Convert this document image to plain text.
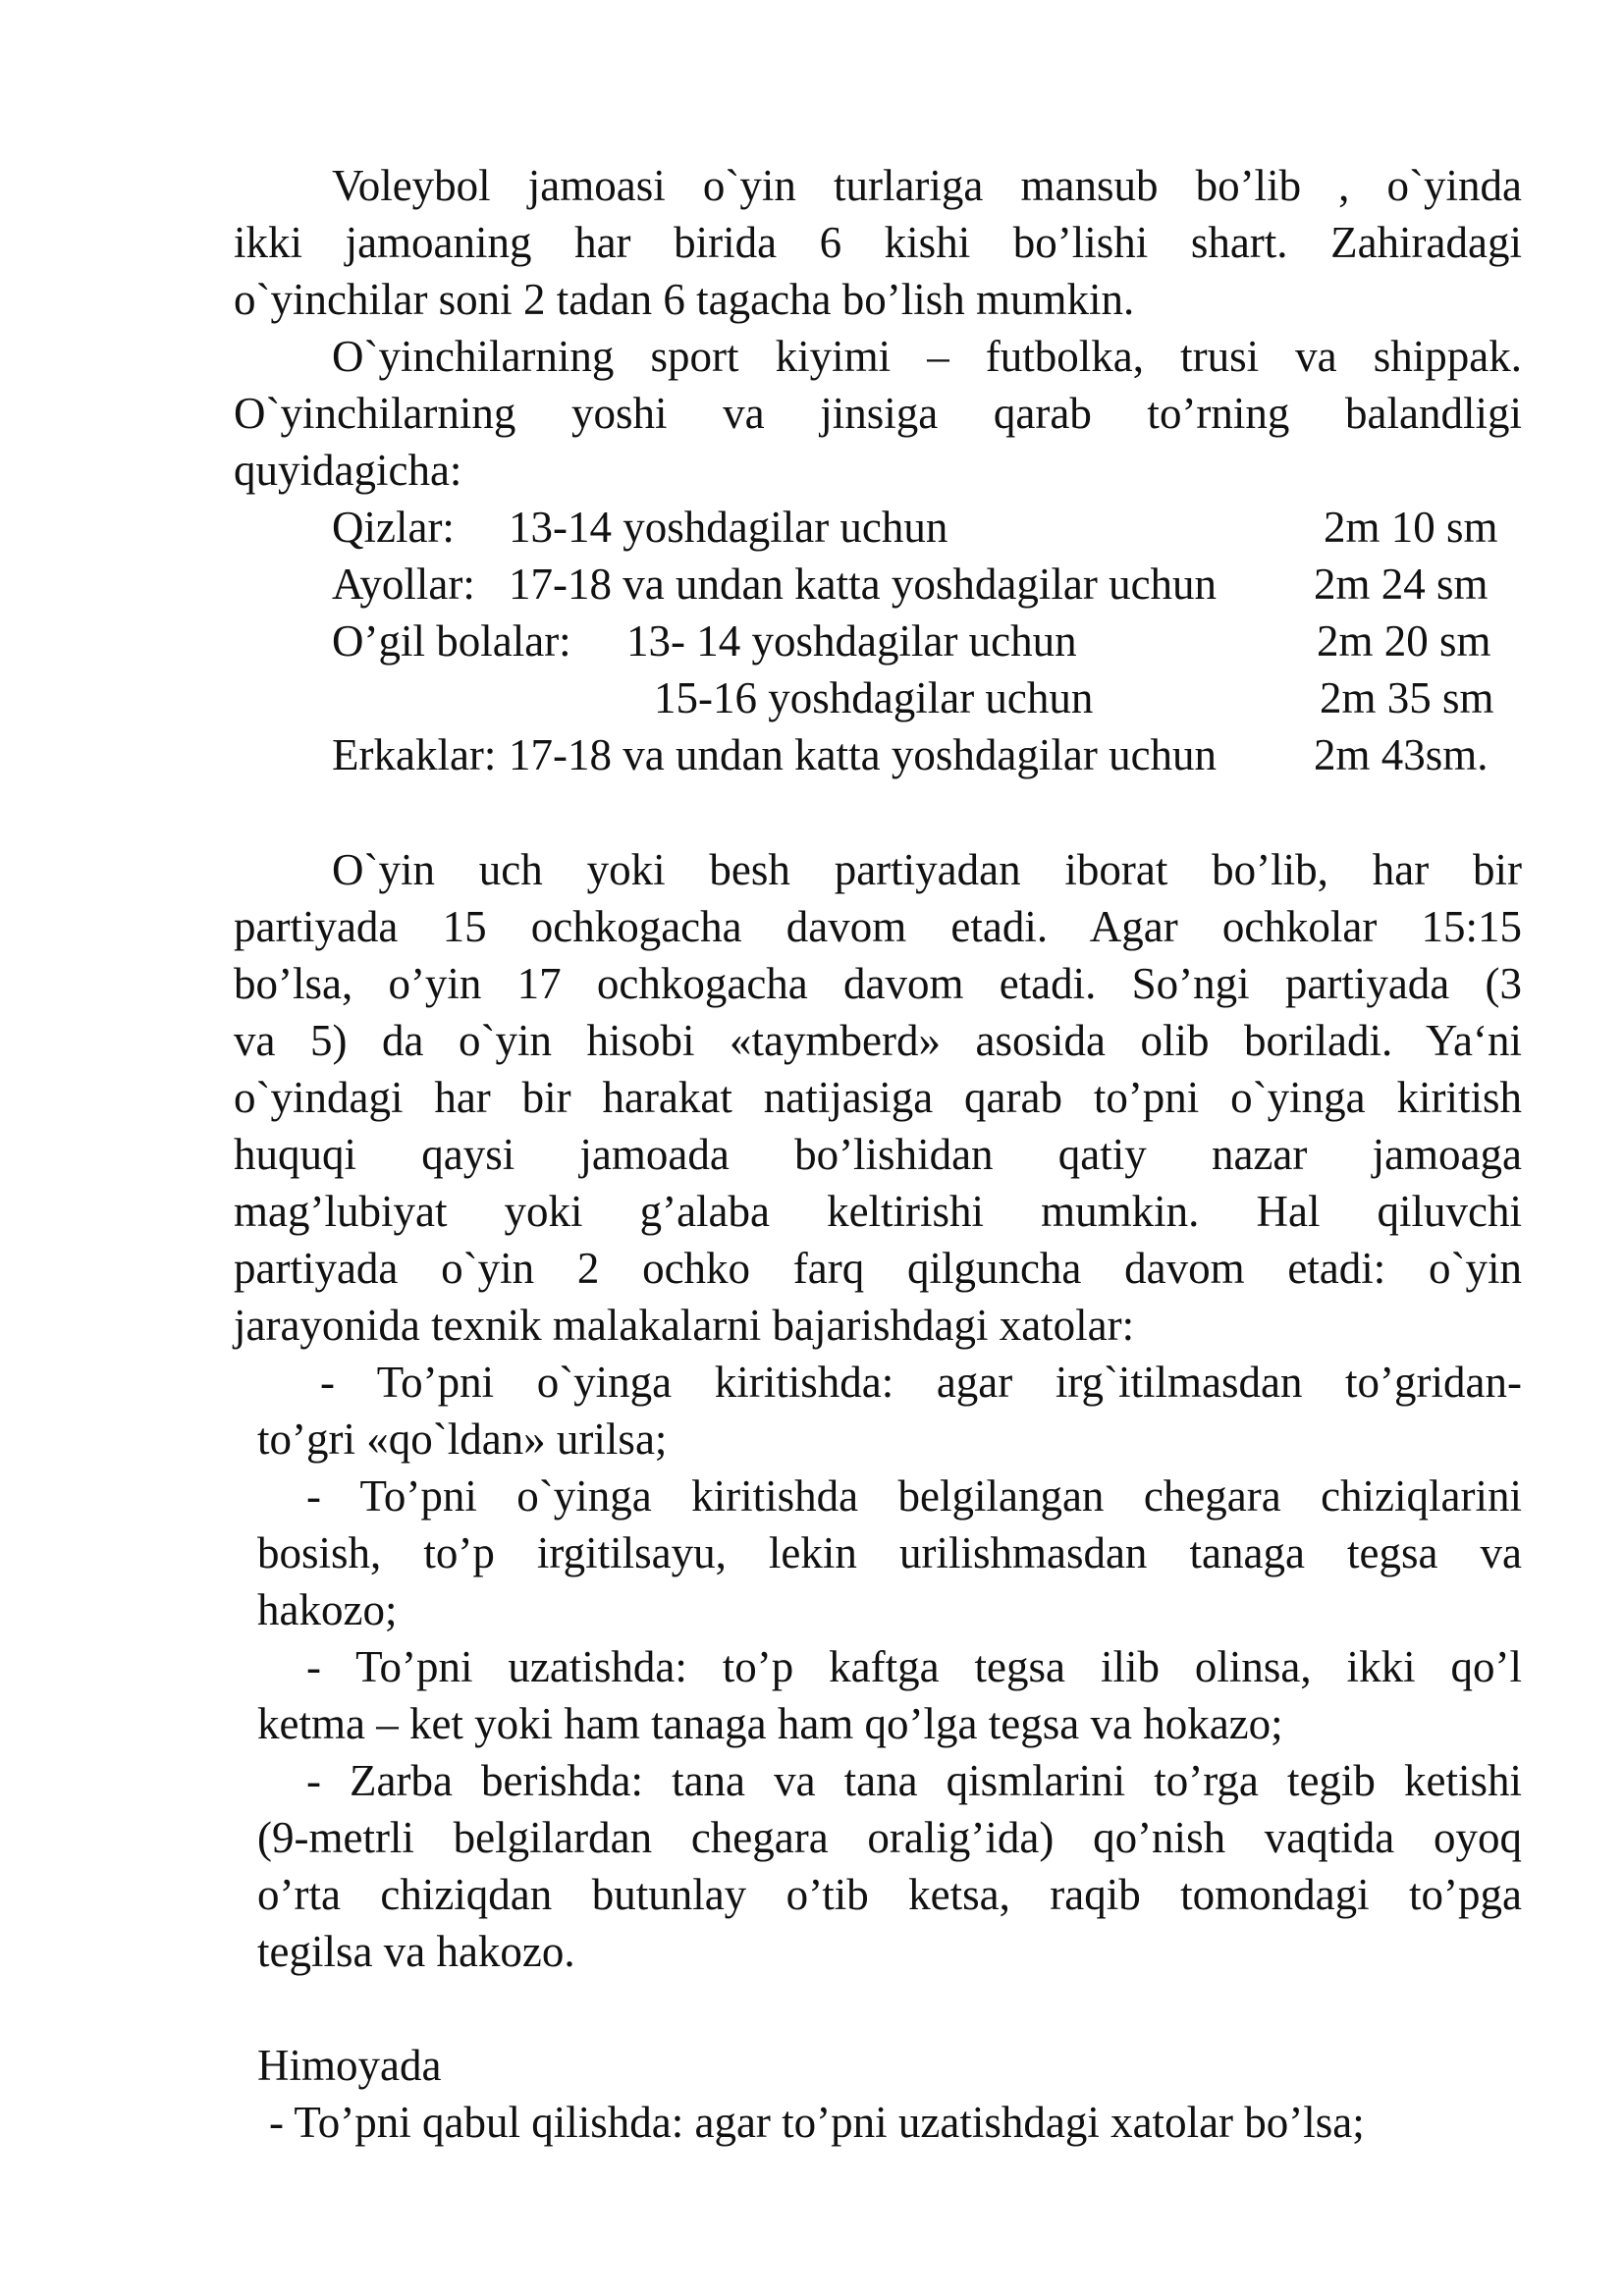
Voleybol jamoasi o`yin turlariga mansub bo’lib , o`yinda
ikki jamoaning har birida 6 kishi bo’lishi shart. Zahiradagi
o`yinchilar soni 2 tadan 6 tagacha bo’lish mumkin.
O`yinchilarning sport kiyimi – futbolka, trusi va shippak.
O`yinchilarning yoshi va jinsiga qarab to’rning balandligi
quyidagicha:
Qizlar: 13-14 yoshdagilar uchun	2m 10 sm
Ayollar: 17-18 va undan katta yoshdagilar uchun 2m 24 sm
O’gil bolalar: 13- 14 yoshdagilar uchun	2m 20 sm
15-16 yoshdagilar uchun	2m 35 sm
Erkaklar: 17-18 va undan katta yoshdagilar uchun 2m 43sm.
O`yin uch yoki besh partiyadan iborat bo’lib, har bir
partiyada 15 ochkogacha davom etadi. Agar ochkolar 15:15
bo’lsa, o’yin 17 ochkogacha davom etadi. So’ngi partiyada (3
va 5) da o`yin hisobi «taymberd» asosida olib boriladi. Ya‘ni
o`yindagi har bir harakat natijasiga qarab to’pni o`yinga kiritish
huquqi qaysi jamoada bo’lishidan qatiy nazar jamoaga
mag’lubiyat yoki g’alaba keltirishi mumkin. Hal qiluvchi
partiyada o`yin 2 ochko farq qilguncha davom etadi: o`yin
jarayonida texnik malakalarni bajarishdagi xatolar:
- To’pni o`yinga kiritishda: agar irg`itilmasdan to’gridan-
to’gri «qo`ldan» urilsa;
- To’pni o`yinga kiritishda belgilangan chegara chiziqlarini
bosish, to’p irgitilsayu, lekin urilishmasdan tanaga tegsa va
hakozo;
- To’pni uzatishda: to’p kaftga tegsa ilib olinsa, ikki qo’l
ketma – ket yoki ham tanaga ham qo’lga tegsa va hokazo;
- Zarba berishda: tana va tana qismlarini to’rga tegib ketishi
(9-metrli belgilardan chegara oralig’ida) qo’nish vaqtida oyoq
o’rta chiziqdan butunlay o’tib ketsa, raqib tomondagi to’pga
tegilsa va hakozo.
Himoyada
- To’pni qabul qilishda: agar to’pni uzatishdagi xatolar bo’lsa;
